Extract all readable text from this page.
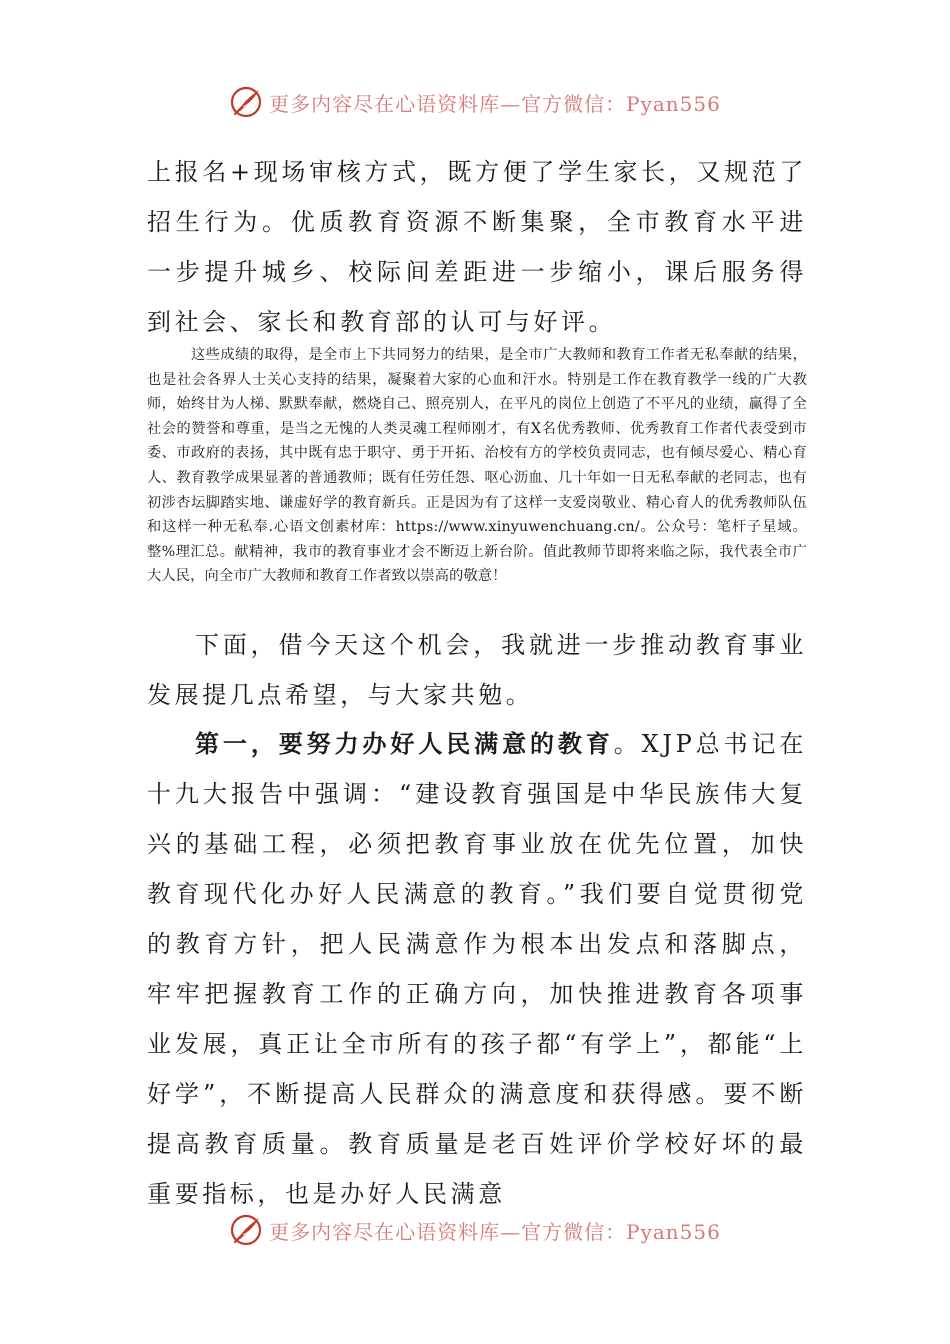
更多内容尽在心语资料库—官方微信：Pyan556

上报名+现场审核方式，既方便了学生家长，又规范了招生行为。优质教育资源不断集聚，全市教育水平进一步提升城乡、校际间差距进一步缩小，课后服务得到社会、家长和教育部的认可与好评。

这些成绩的取得，是全市上下共同努力的结果，是全市广大教师和教育工作者无私奉献的结果，也是社会各界人士关心支持的结果，凝聚着大家的心血和汗水。特别是工作在教育教学一线的广大教师，始终甘为人梯、默默奉献，燃烧自己、照亮别人，在平凡的岗位上创造了不平凡的业绩，赢得了全社会的赞誉和尊重，是当之无愧的人类灵魂工程师刚才，有X名优秀教师、优秀教育工作者代表受到市委、市政府的表扬，其中既有忠于职守、勇于开拓、治校有方的学校负责同志，也有倾尽爱心、精心育人、教育教学成果显著的普通教师；既有任劳任怨、呕心沥血、几十年如一日无私奉献的老同志，也有初涉杏坛脚踏实地、谦虚好学的教育新兵。正是因为有了这样一支爱岗敬业、精心育人的优秀教师队伍和这样一种无私奉.心语文创素材库：https://www.xinyuwenchuang.cn/。公众号：笔杆子星域。整%理汇总。献精神，我市的教育事业才会不断迈上新台阶。值此教师节即将来临之际，我代表全市广大人民，向全市广大教师和教育工作者致以崇高的敬意！

下面，借今天这个机会，我就进一步推动教育事业发展提几点希望，与大家共勉。

第一，要努力办好人民满意的教育。XJP总书记在十九大报告中强调：“建设教育强国是中华民族伟大复兴的基础工程，必须把教育事业放在优先位置，加快教育现代化办好人民满意的教育。”我们要自觉贯彻党的教育方针，把人民满意作为根本出发点和落脚点，牢牢把握教育工作的正确方向，加快推进教育各项事业发展，真正让全市所有的孩子都“有学上”，都能“上好学”，不断提高人民群众的满意度和获得感。要不断提高教育质量。教育质量是老百姓评价学校好坏的最重要指标，也是办好人民满意

更多内容尽在心语资料库—官方微信：Pyan556
